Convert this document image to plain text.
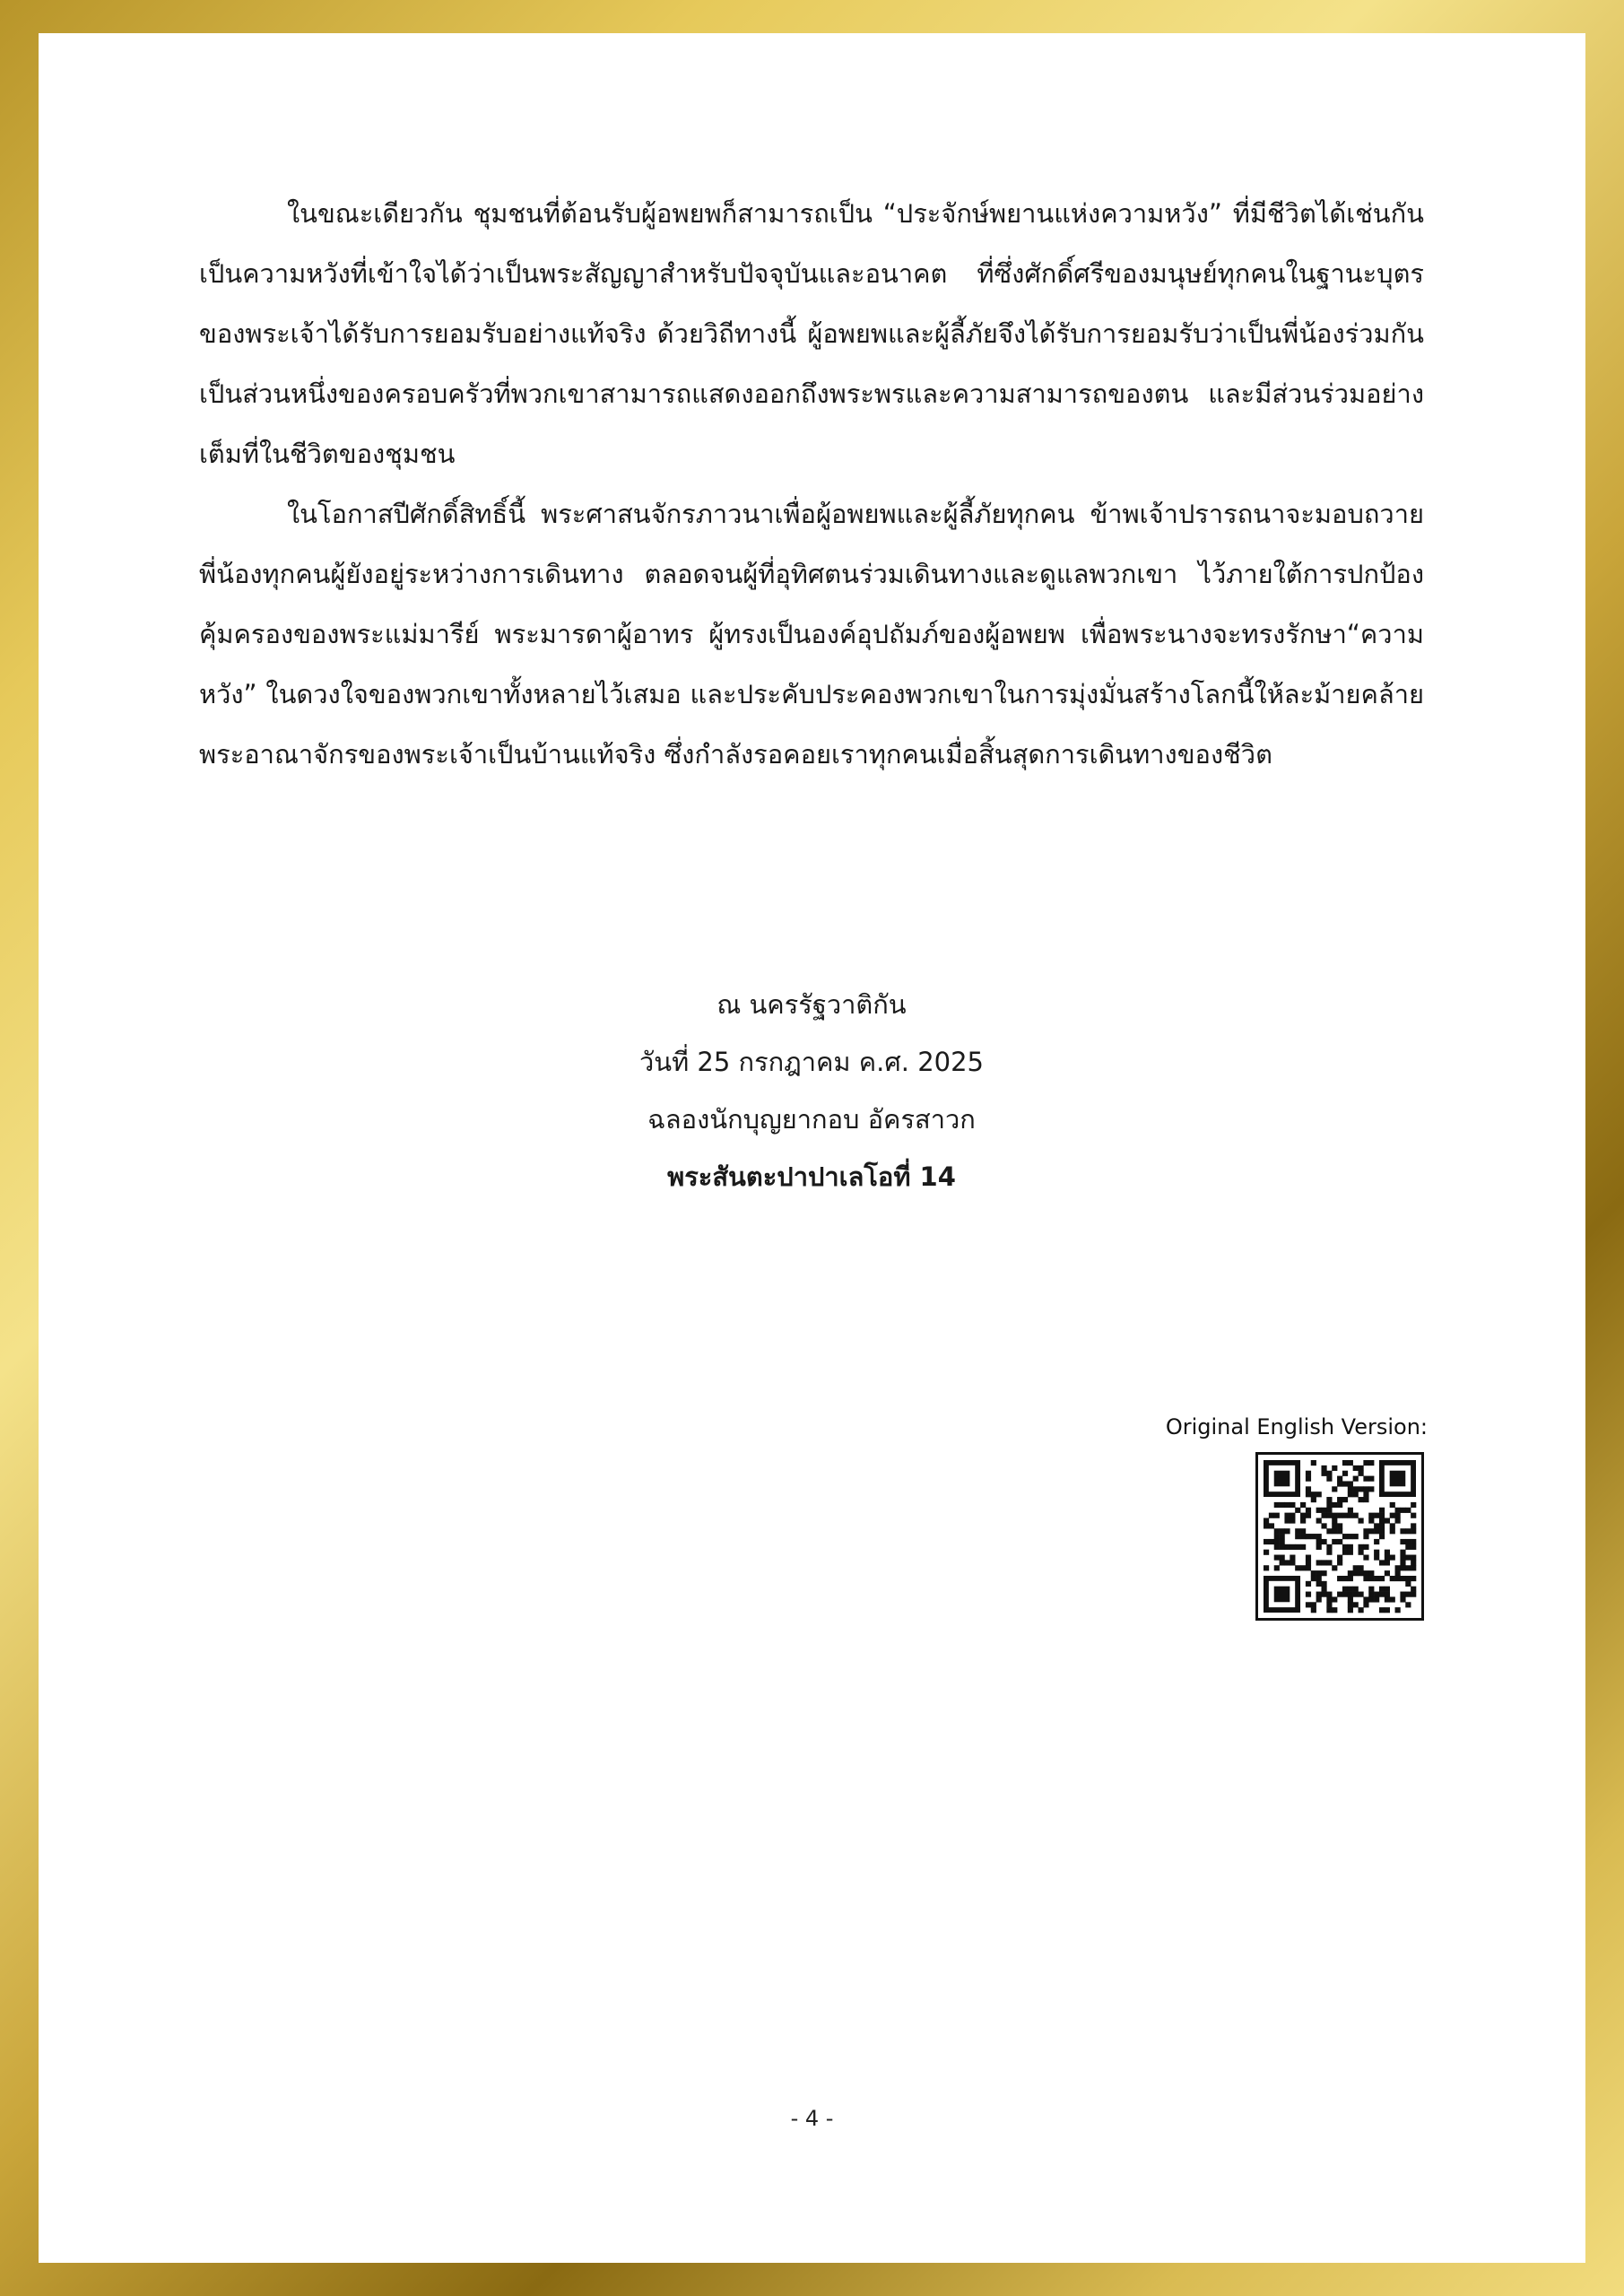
ในขณะเดียวกัน ชุมชนที่ต้อนรับผู้อพยพก็สามารถเป็น “ประจักษ์พยานแห่งความหวัง” ที่มีชีวิตได้เช่นกัน เป็นความหวังที่เข้าใจได้ว่าเป็นพระสัญญาสำหรับปัจจุบันและอนาคต ที่ซึ่งศักดิ์ศรีของมนุษย์ทุกคนในฐานะบุตรของพระเจ้าได้รับการยอมรับอย่างแท้จริง ด้วยวิถีทางนี้ ผู้อพยพและผู้ลี้ภัยจึงได้รับการยอมรับว่าเป็นพี่น้องร่วมกัน เป็นส่วนหนึ่งของครอบครัวที่พวกเขาสามารถแสดงออกถึงพระพรและความสามารถของตน และมีส่วนร่วมอย่างเต็มที่ในชีวิตของชุมชน

ในโอกาสปีศักดิ์สิทธิ์นี้ พระศาสนจักรภาวนาเพื่อผู้อพยพและผู้ลี้ภัยทุกคน ข้าพเจ้าปรารถนาจะมอบถวายพี่น้องทุกคนผู้ยังอยู่ระหว่างการเดินทาง ตลอดจนผู้ที่อุทิศตนร่วมเดินทางและดูแลพวกเขา ไว้ภายใต้การปกป้องคุ้มครองของพระแม่มารีย์ พระมารดาผู้อาทร ผู้ทรงเป็นองค์อุปถัมภ์ของผู้อพยพ เพื่อพระนางจะทรงรักษา“ความหวัง” ในดวงใจของพวกเขาทั้งหลายไว้เสมอ และประคับประคองพวกเขาในการมุ่งมั่นสร้างโลกนี้ให้ละม้ายคล้ายพระอาณาจักรของพระเจ้าเป็นบ้านแท้จริง ซึ่งกำลังรอคอยเราทุกคนเมื่อสิ้นสุดการเดินทางของชีวิต

ณ นครรัฐวาติกัน
วันที่ 25 กรกฎาคม ค.ศ. 2025
ฉลองนักบุญยากอบ อัครสาวก
พระสันตะปาปาเลโอที่ 14
Original English Version:
- 4 -
